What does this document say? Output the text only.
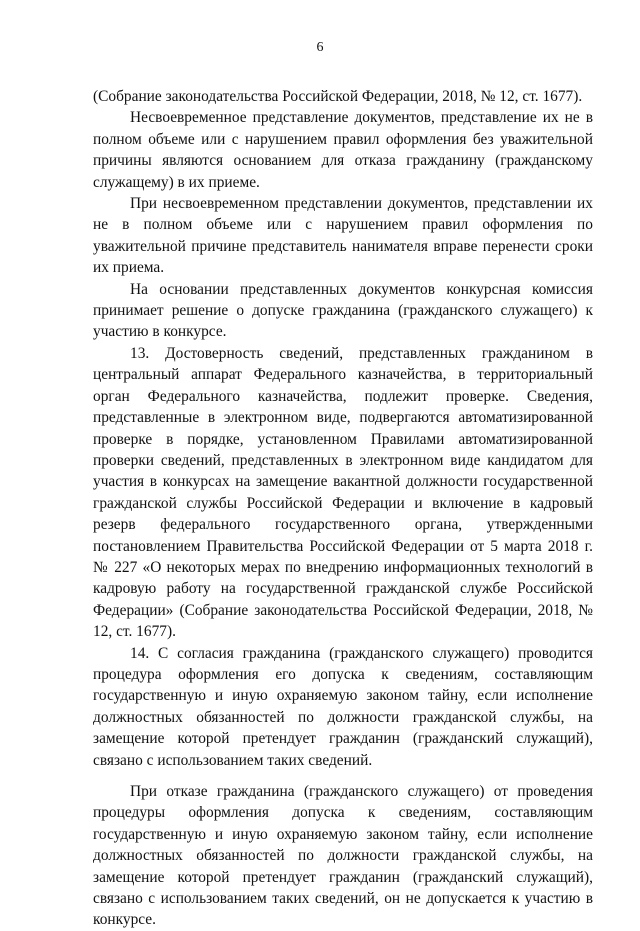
6

(Собрание законодательства Российской Федерации, 2018, № 12, ст. 1677).

Несвоевременное представление документов, представление их не в полном объеме или с нарушением правил оформления без уважительной причины являются основанием для отказа гражданину (гражданскому служащему) в их приеме.

При несвоевременном представлении документов, представлении их не в полном объеме или с нарушением правил оформления по уважительной причине представитель нанимателя вправе перенести сроки их приема.

На основании представленных документов конкурсная комиссия принимает решение о допуске гражданина (гражданского служащего) к участию в конкурсе.

13. Достоверность сведений, представленных гражданином в центральный аппарат Федерального казначейства, в территориальный орган Федерального казначейства, подлежит проверке. Сведения, представленные в электронном виде, подвергаются автоматизированной проверке в порядке, установленном Правилами автоматизированной проверки сведений, представленных в электронном виде кандидатом для участия в конкурсах на замещение вакантной должности государственной гражданской службы Российской Федерации и включение в кадровый резерв федерального государственного органа, утвержденными постановлением Правительства Российской Федерации от 5 марта 2018 г. № 227 «О некоторых мерах по внедрению информационных технологий в кадровую работу на государственной гражданской службе Российской Федерации» (Собрание законодательства Российской Федерации, 2018, № 12, ст. 1677).

14. С согласия гражданина (гражданского служащего) проводится процедура оформления его допуска к сведениям, составляющим государственную и иную охраняемую законом тайну, если исполнение должностных обязанностей по должности гражданской службы, на замещение которой претендует гражданин (гражданский служащий), связано с использованием таких сведений.

При отказе гражданина (гражданского служащего) от проведения процедуры оформления допуска к сведениям, составляющим государственную и иную охраняемую законом тайну, если исполнение должностных обязанностей по должности гражданской службы, на замещение которой претендует гражданин (гражданский служащий), связано с использованием таких сведений, он не допускается к участию в конкурсе.
